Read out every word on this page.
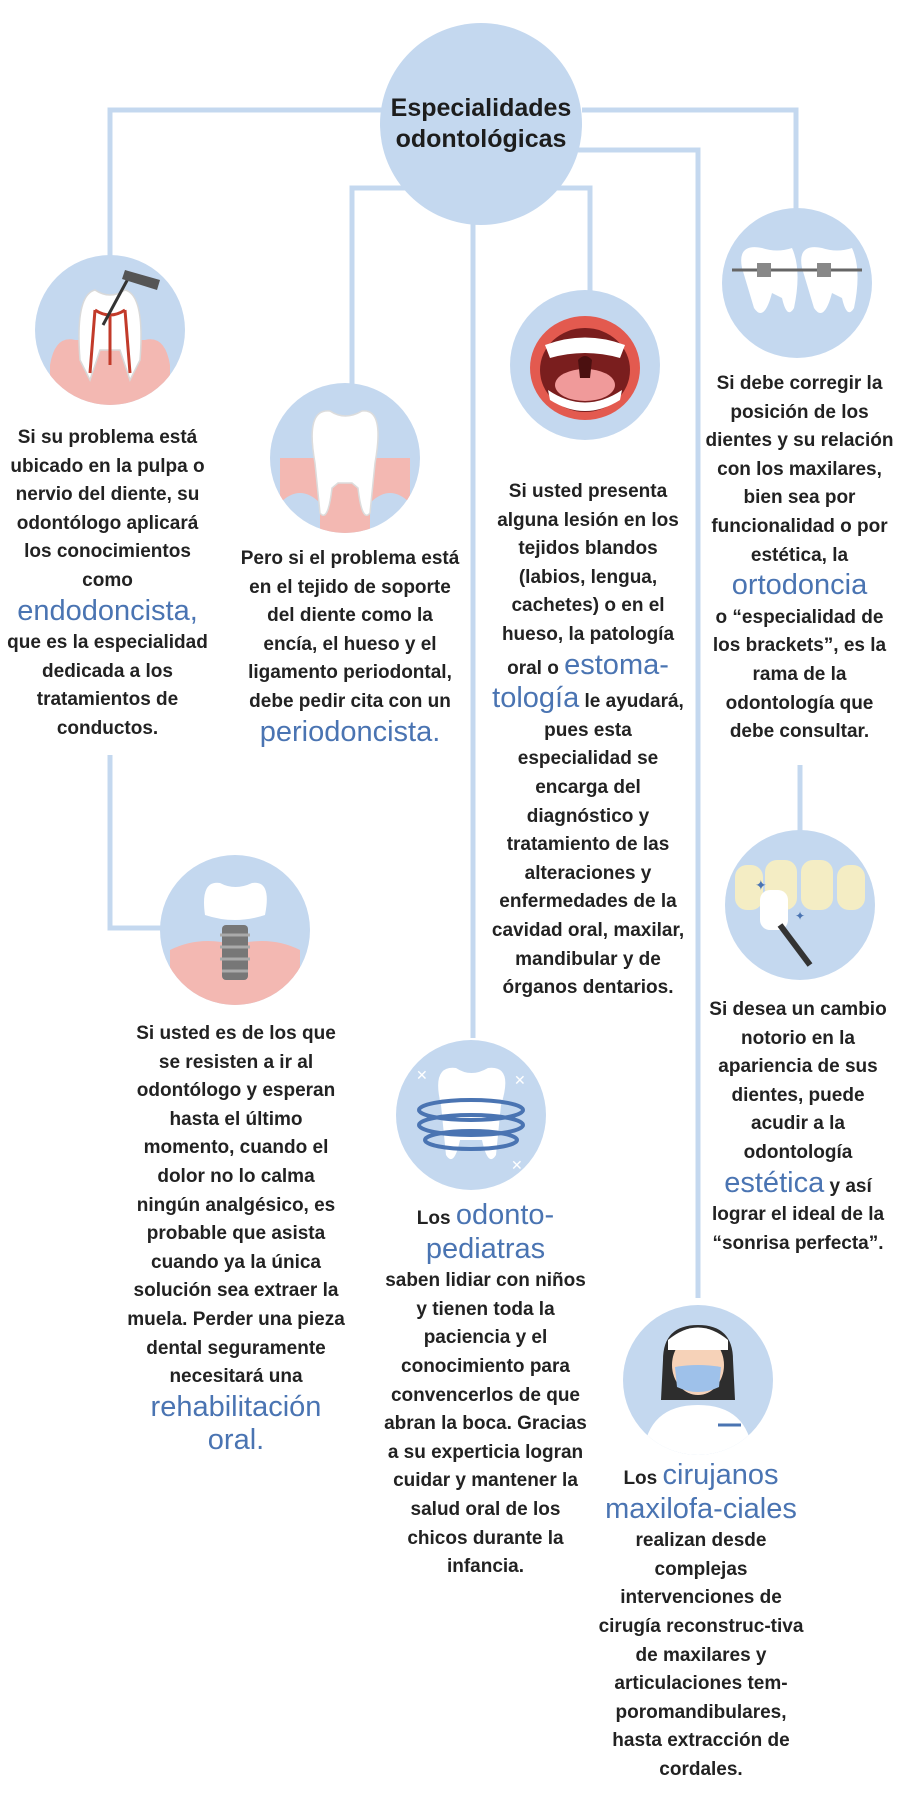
Especialidades
odontológicas
✦
✦
✕	✕
✕
Si su problema está ubicado en la pulpa o nervio del diente, su odontólogo aplicará los conocimientos como
endodoncista,
que es la especialidad dedicada a los tratamientos de conductos.
Pero si el problema está en el tejido de soporte del diente como la encía, el hueso y el ligamento periodontal, debe pedir cita con un
periodoncista.
Si usted presenta alguna lesión en los tejidos blandos (labios, lengua, cachetes) o en el hueso, la patología oral o estoma-tología le ayudará, pues esta especialidad se encarga del diagnóstico y tratamiento de las alteraciones y enfermedades de la cavidad oral, maxilar, mandibular y de órganos dentarios.
Si debe corregir la posición de los dientes y su relación con los maxilares, bien sea por funcionalidad o por estética, la ortodoncia
o “especialidad de los brackets”, es la rama de la odontología que debe consultar.
Si usted es de los que se resisten a ir al odontólogo y esperan hasta el último momento, cuando el dolor no lo calma ningún analgésico, es probable que asista cuando ya la única solución sea extraer la muela. Perder una pieza dental seguramente necesitará una
rehabilitación oral.
Los odonto-pediatras
saben lidiar con niños y tienen toda la paciencia y el conocimiento para convencerlos de que abran la boca. Gracias a su experticia logran cuidar y mantener la salud oral de los chicos durante la infancia.
Si desea un cambio notorio en la apariencia de sus dientes, puede acudir a la odontología estética y así lograr el ideal de la “sonrisa perfecta”.
Los cirujanos maxilofa-ciales realizan desde complejas intervenciones de cirugía reconstruc-tiva de maxilares y articulaciones tem-poromandibulares, hasta extracción de cordales.
